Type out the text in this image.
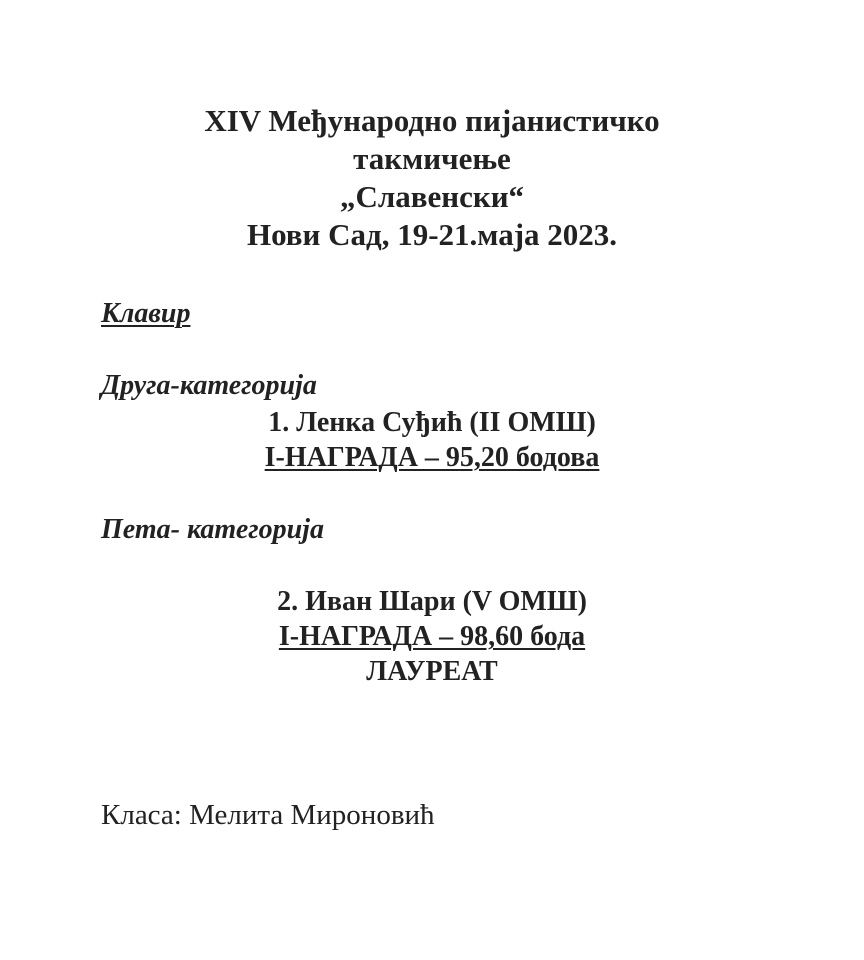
XIV Међународно пијанистичко
такмичење
„Славенски“
Нови Сад, 19-21.маја 2023.
Клавир
Друга-категорија
1. Ленка Суђић (II ОМШ)
I-НАГРАДА – 95,20 бодова
Пета- категорија
2. Иван Шари (V ОМШ)
I-НАГРАДА – 98,60 бода
ЛАУРЕАТ
Класа: Мелита Мироновић
